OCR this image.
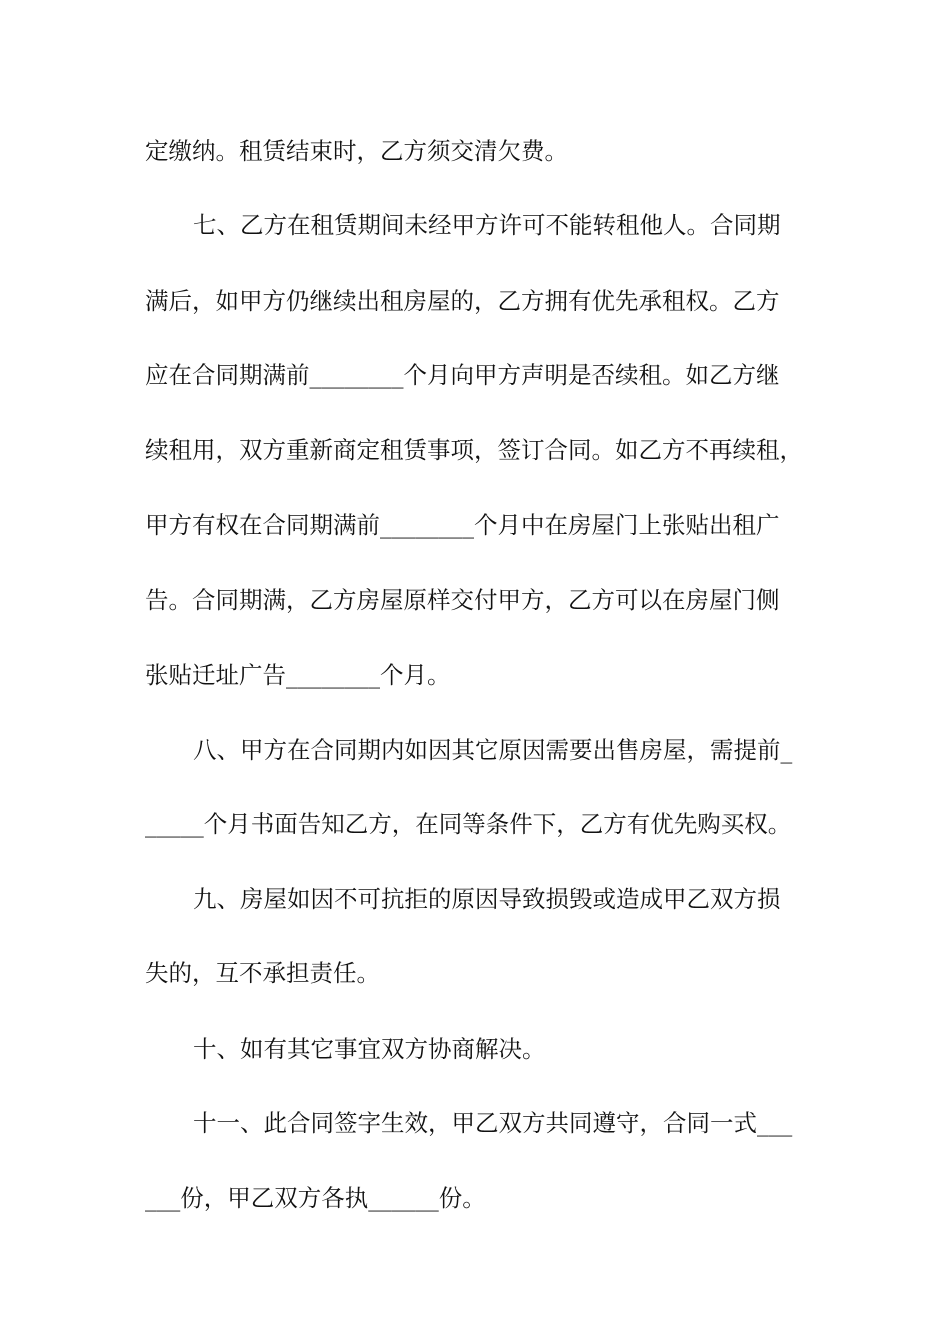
定缴纳。租赁结束时，乙方须交清欠费。
七、乙方在租赁期间未经甲方许可不能转租他人。合同期
满后，如甲方仍继续出租房屋的，乙方拥有优先承租权。乙方
应在合同期满前________个月向甲方声明是否续租。如乙方继
续租用，双方重新商定租赁事项，签订合同。如乙方不再续租，
甲方有权在合同期满前________个月中在房屋门上张贴出租广
告。合同期满，乙方房屋原样交付甲方，乙方可以在房屋门侧
张贴迁址广告________个月。
八、甲方在合同期内如因其它原因需要出售房屋，需提前_
_____个月书面告知乙方，在同等条件下，乙方有优先购买权。
九、房屋如因不可抗拒的原因导致损毁或造成甲乙双方损
失的，互不承担责任。
十、如有其它事宜双方协商解决。
十一、此合同签字生效，甲乙双方共同遵守，合同一式___
___份，甲乙双方各执______份。
